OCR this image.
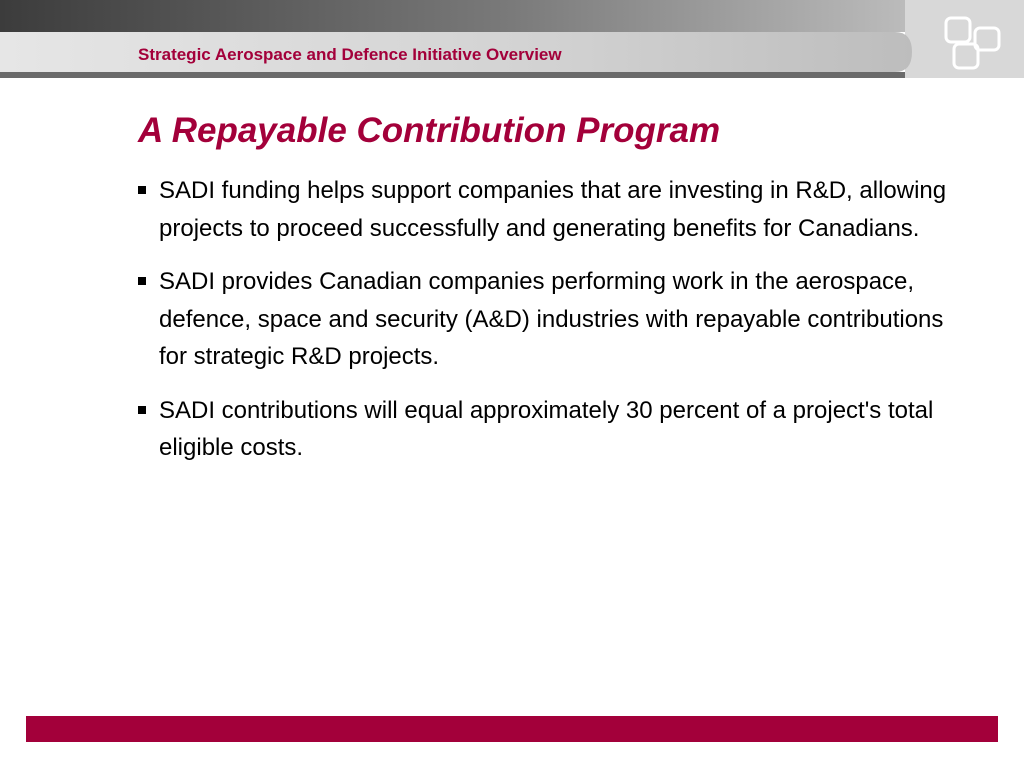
Strategic Aerospace and Defence Initiative Overview
A Repayable Contribution Program
SADI funding helps support companies that are investing in R&D, allowing projects to proceed successfully and generating benefits for Canadians.
SADI provides Canadian companies performing work in the aerospace, defence, space and security (A&D) industries with repayable contributions for strategic R&D projects.
SADI contributions will equal approximately 30 percent of a project's total eligible costs.
